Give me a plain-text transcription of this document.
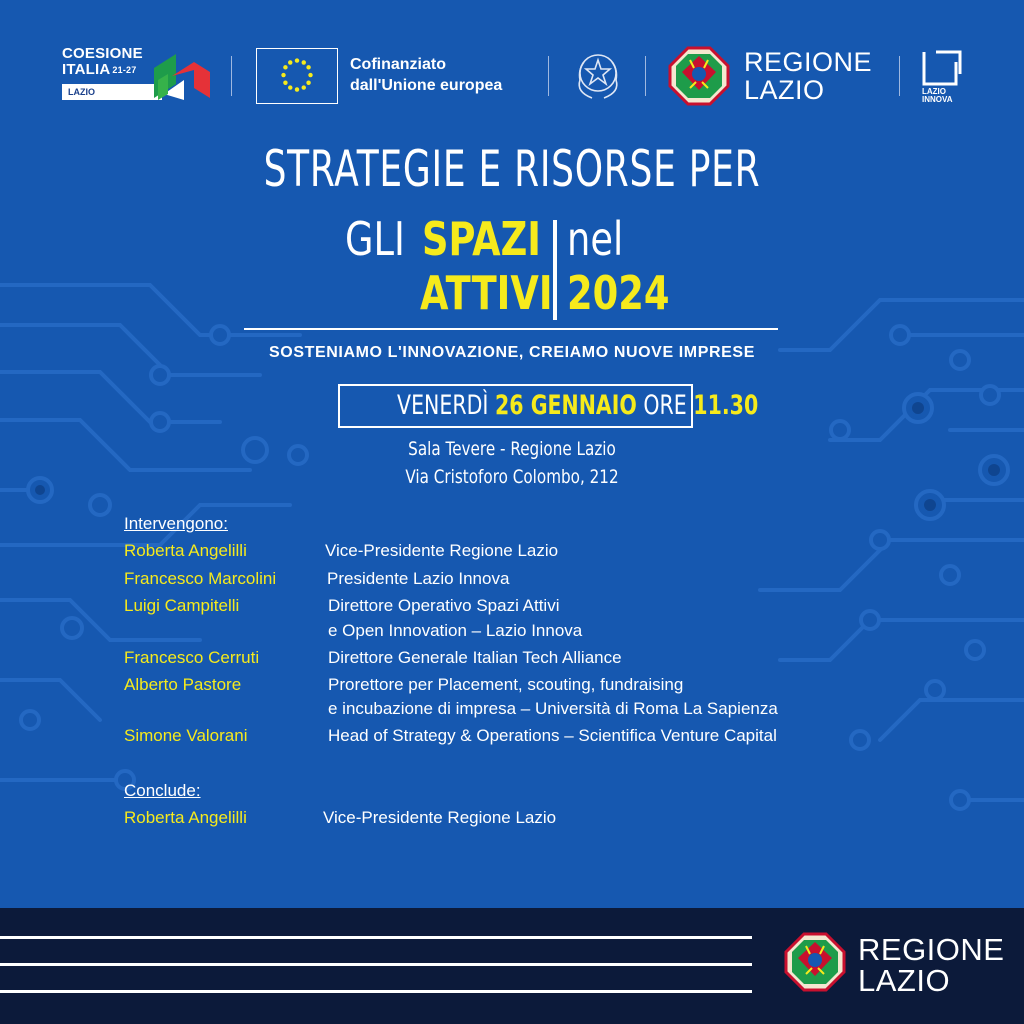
COESIONE
ITALIA $^{21-27}$
LAZIO
Cofinanziato
dall'Unione europea
REGIONE
LAZIO	LAZIO
INNOVA
STRATEGIE E RISORSE PER
GLI SPAZI nel
ATTIVI 2024
SOSTENIAMO L'INNOVAZIONE, CREIAMO NUOVE IMPRESE
VENERDÌ 26 GENNAIO ORE 11.30
Sala Tevere - Regione Lazio
Via Cristoforo Colombo, 212
Intervengono:
Roberta Angelilli	Vice-Presidente Regione Lazio
Francesco Marcolini	Presidente Lazio Innova
Luigi Campitelli	Direttore Operativo Spazi Attivi
e Open Innovation – Lazio Innova
Francesco Cerruti	Direttore Generale Italian Tech Alliance
Alberto Pastore	Prorettore per Placement, scouting, fundraising
e incubazione di impresa – Università di Roma La Sapienza
Simone Valorani	Head of Strategy & Operations – Scientifica Venture Capital
Conclude:
Roberta Angelilli	Vice-Presidente Regione Lazio
REGIONE
LAZIO
